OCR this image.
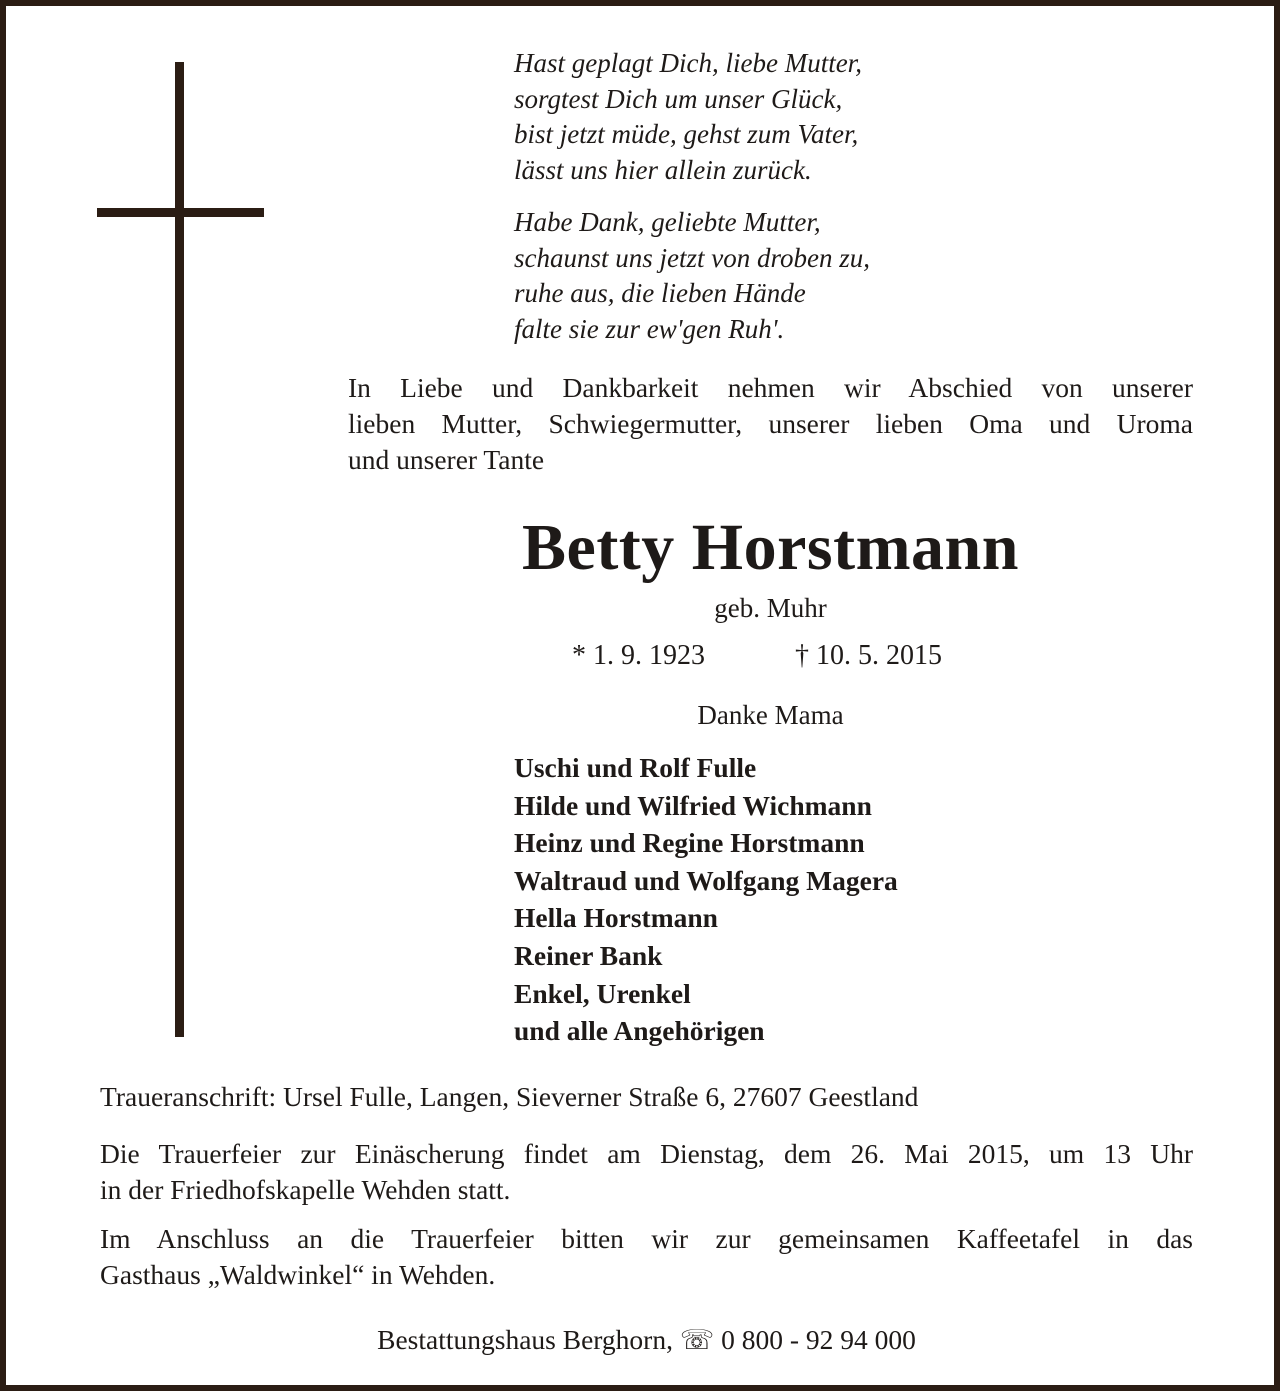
Hast geplagt Dich, liebe Mutter,
sorgtest Dich um unser Glück,
bist jetzt müde, gehst zum Vater,
lässt uns hier allein zurück.
Habe Dank, geliebte Mutter,
schaunst uns jetzt von droben zu,
ruhe aus, die lieben Hände
falte sie zur ew'gen Ruh'.
In Liebe und Dankbarkeit nehmen wir Abschied von unserer
lieben Mutter, Schwiegermutter, unserer lieben Oma und Uroma
und unserer Tante
Betty Horstmann
geb. Muhr
* 1. 9. 1923	† 10. 5. 2015
Danke Mama
Uschi und Rolf Fulle
Hilde und Wilfried Wichmann
Heinz und Regine Horstmann
Waltraud und Wolfgang Magera
Hella Horstmann
Reiner Bank
Enkel, Urenkel
und alle Angehörigen
Traueranschrift: Ursel Fulle, Langen, Sieverner Straße 6, 27607 Geestland
Die Trauerfeier zur Einäscherung findet am Dienstag, dem 26. Mai 2015, um 13 Uhr
in der Friedhofskapelle Wehden statt.
Im Anschluss an die Trauerfeier bitten wir zur gemeinsamen Kaffeetafel in das
Gasthaus „Waldwinkel“ in Wehden.
Bestattungshaus Berghorn, ☏ 0 800 - 92 94 000
